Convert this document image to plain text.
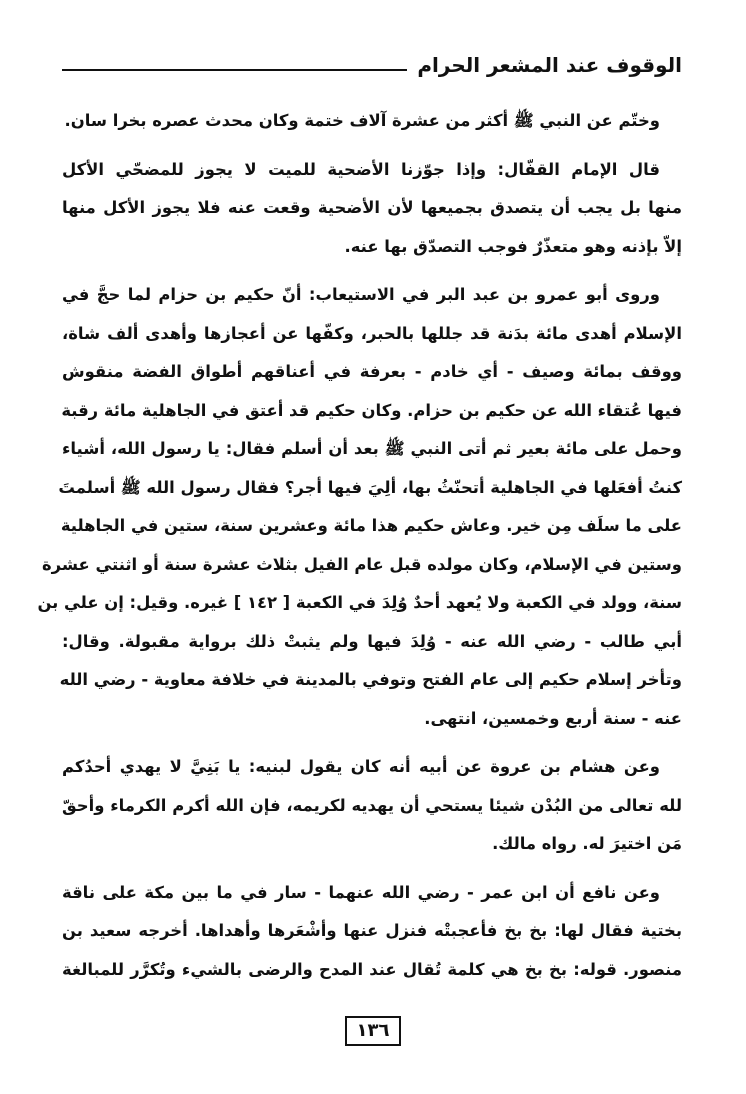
الوقوف عند المشعر الحرام
وختّم عن النبي ﷺ أكثر من عشرة آلاف ختمة وكان محدث عصره بخرا سان.
قال الإمام القفّال: وإذا جوّزنا الأضحية للميت لا يجوز للمضحّي الأكل
منها بل يجب أن يتصدق بجميعها لأن الأضحية وقعت عنه فلا يجوز الأكل منها
إلاّ بإذنه وهو متعذّرٌ فوجب التصدّق بها عنه.
وروى أبو عمرو بن عبد البر في الاستيعاب: أنّ حكيم بن حزام لما حجَّ في
الإسلام أهدى مائة بدَنة قد جللها بالحبر، وكفّها عن أعجازها وأهدى ألف شاة،
ووقف بمائة وصيف - أي خادم - بعرفة في أعناقهم أطواق الفضة منقوش
فيها عُتقاء الله عن حكيم بن حزام. وكان حكيم قد أعتق في الجاهلية مائة رقبة
وحمل على مائة بعير ثم أتى النبي ﷺ بعد أن أسلم فقال: يا رسول الله، أشياء
كنتُ أفعَلها في الجاهلية أتحنّثُ بها، ألِيَ فيها أجر؟ فقال رسول الله ﷺ أسلمتَ
على ما سلَف مِن خير. وعاش حكيم هذا مائة وعشرين سنة، ستين في الجاهلية
وستين في الإسلام، وكان مولده قبل عام الفيل بثلاث عشرة سنة أو اثنتي عشرة
سنة، وولد في الكعبة ولا يُعهد أحدٌ وُلِدَ في الكعبة [ ١٤٢ ] غيره. وقيل: إن علي بن
أبي طالب - رضي الله عنه - وُلِدَ فيها ولم يثبتْ ذلك برواية مقبولة. وقال:
وتأخر إسلام حكيم إلى عام الفتح وتوفي بالمدينة في خلافة معاوية - رضي الله
عنه - سنة أربع وخمسين، انتهى.
وعن هشام بن عروة عن أبيه أنه كان يقول لبنيه: يا بَنِيَّ لا يهدي أحدُكم
لله تعالى من البُدْن شيئا يستحي أن يهديه لكريمه، فإن الله أكرم الكرماء وأحقّ
مَن اختيرَ له. رواه مالك.
وعن نافع أن ابن عمر - رضي الله عنهما - سار في ما بين مكة على ناقة
بختية فقال لها: بخ بخ فأعجبتْه فنزل عنها وأشْعَرها وأهداها. أخرجه سعيد بن
منصور. قوله: بخ بخ هي كلمة تُقال عند المدح والرضى بالشيء وتُكرَّر للمبالغة
١٣٦
